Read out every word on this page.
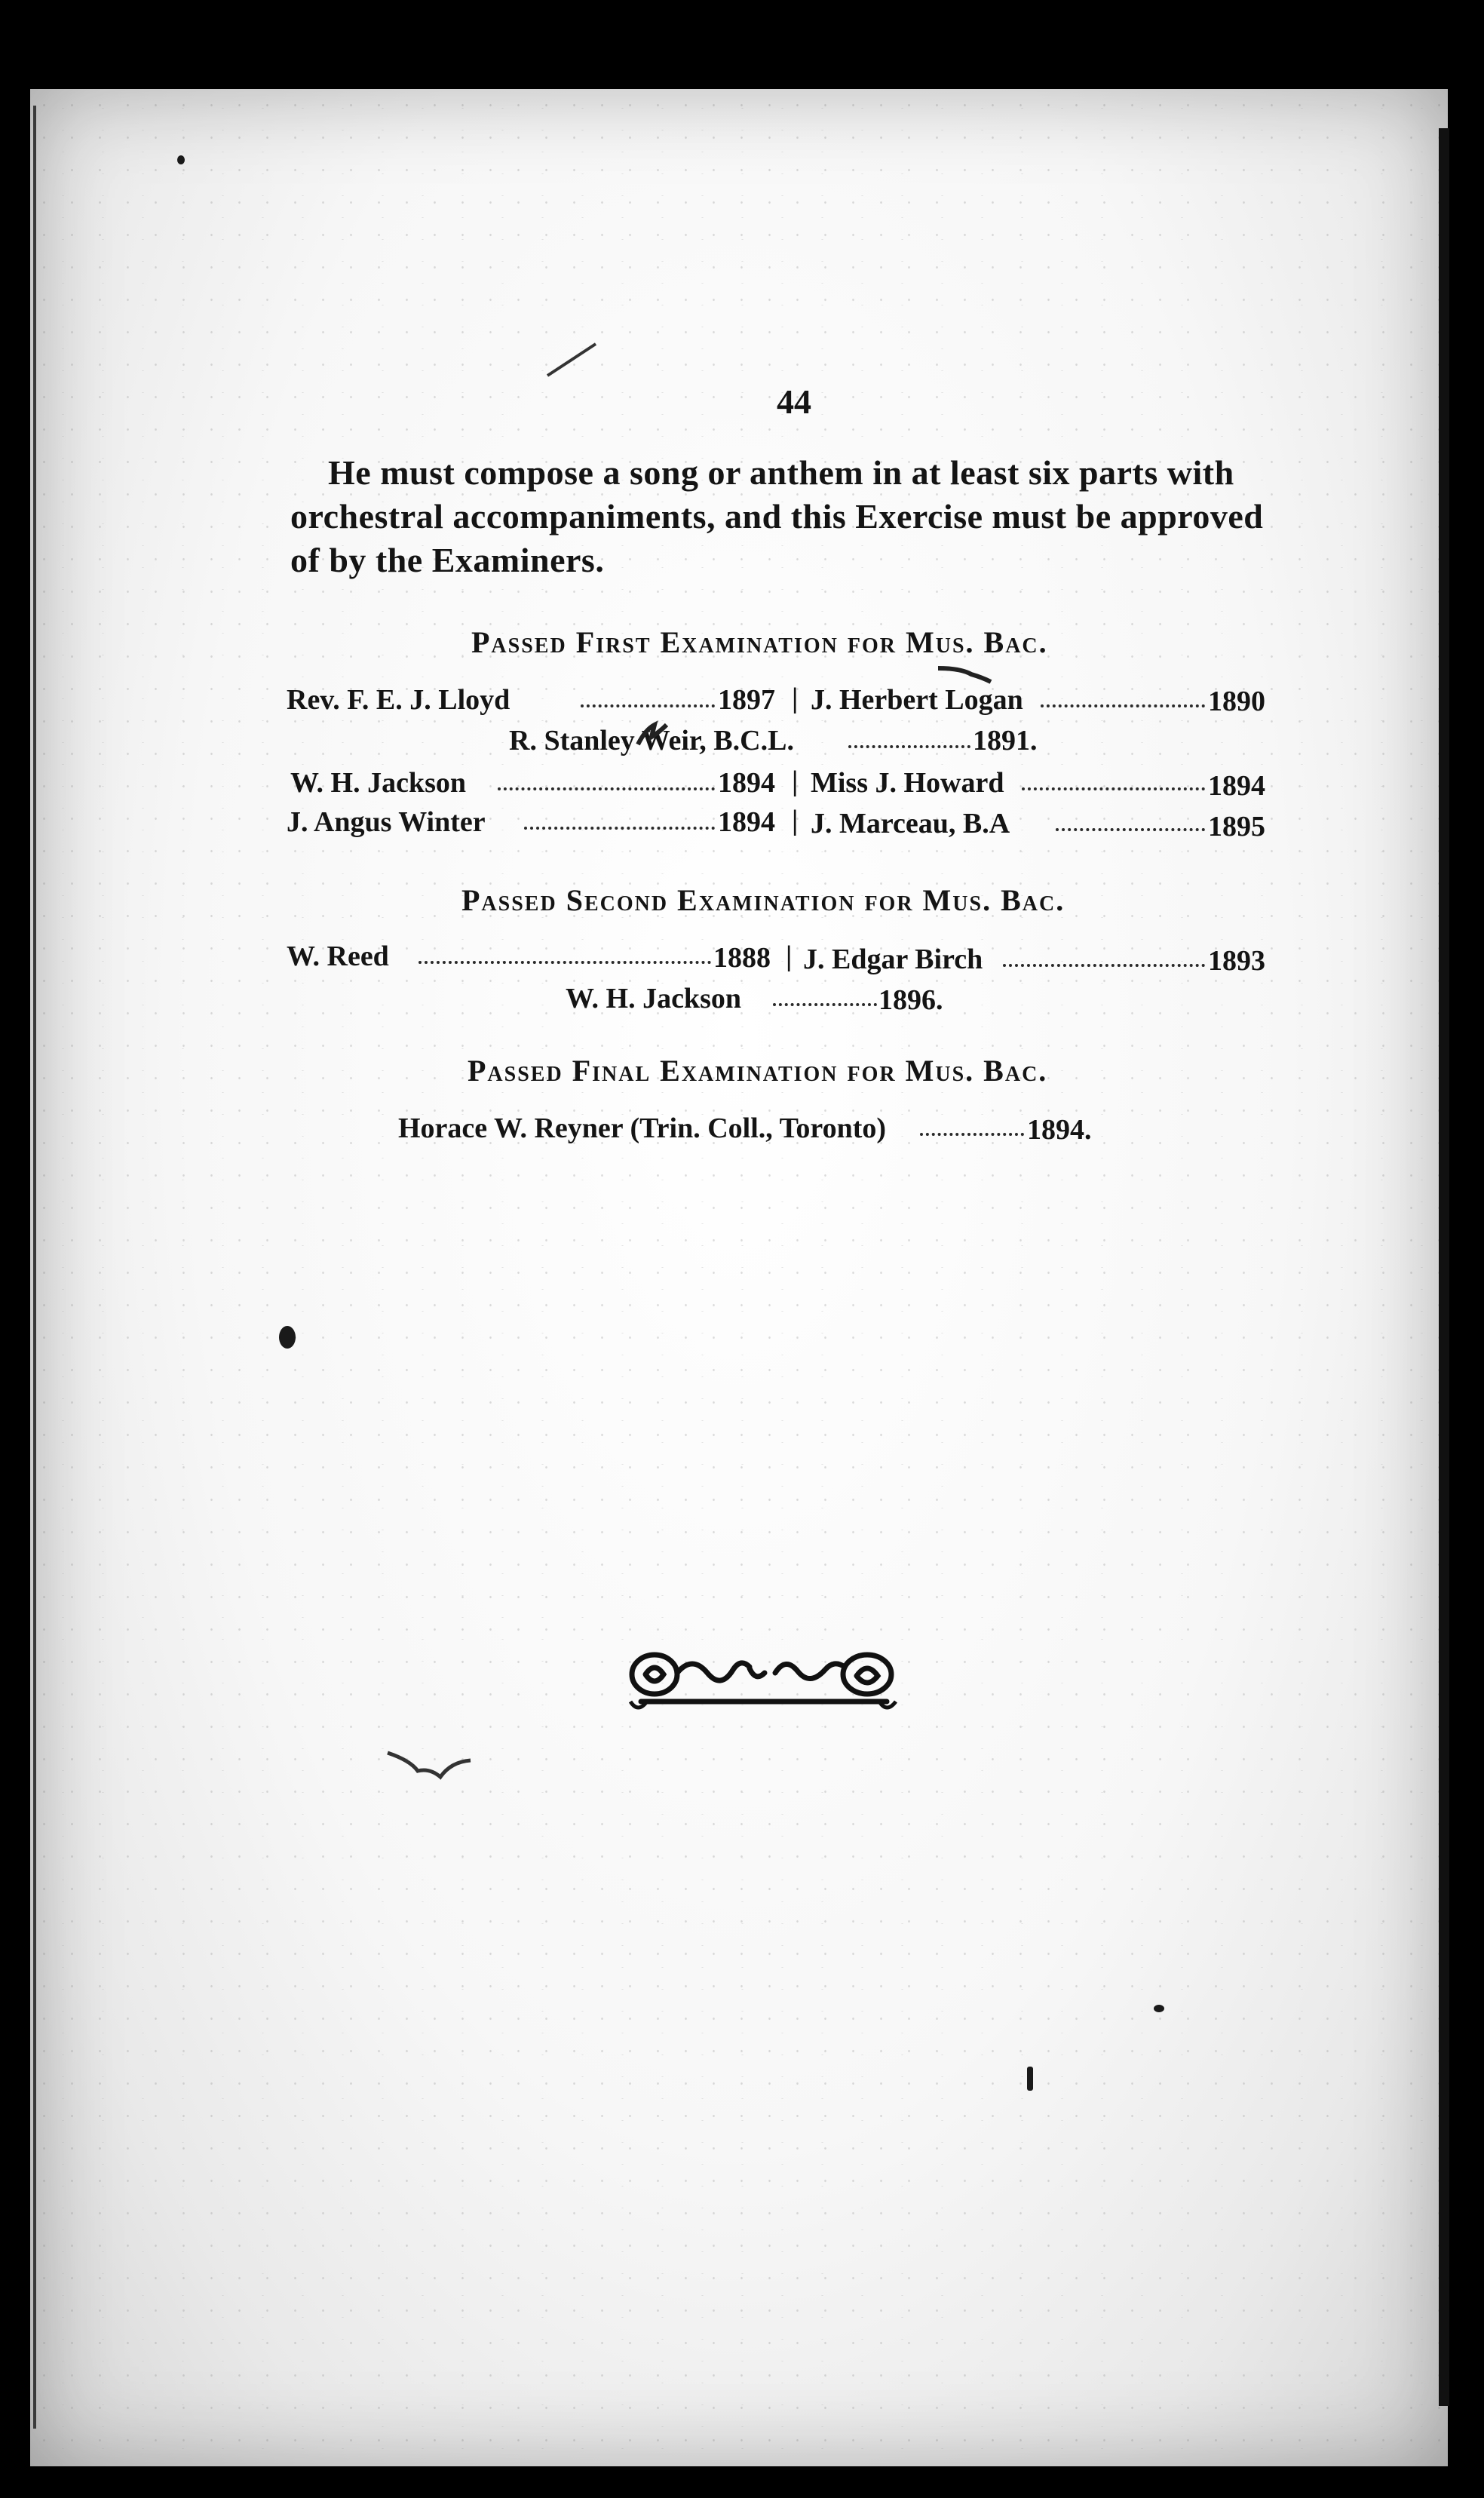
44
He must compose a song or anthem in at least six parts with
orchestral accompaniments, and this Exercise must be approved
of by the Examiners.
Passed First Examination for Mus. Bac.
Rev. F. E. J. Lloyd	1897 | J. Herbert Logan	1890
R. Stanley Weir, B.C.L.	1891.
W. H. Jackson	1894 | Miss J. Howard	1894
J. Angus Winter	1894 | J. Marceau, B.A	1895
Passed Second Examination for Mus. Bac.
W. Reed	1888 | J. Edgar Birch	1893
W. H. Jackson	1896.
Passed Final Examination for Mus. Bac.
Horace W. Reyner (Trin. Coll., Toronto)	1894.
